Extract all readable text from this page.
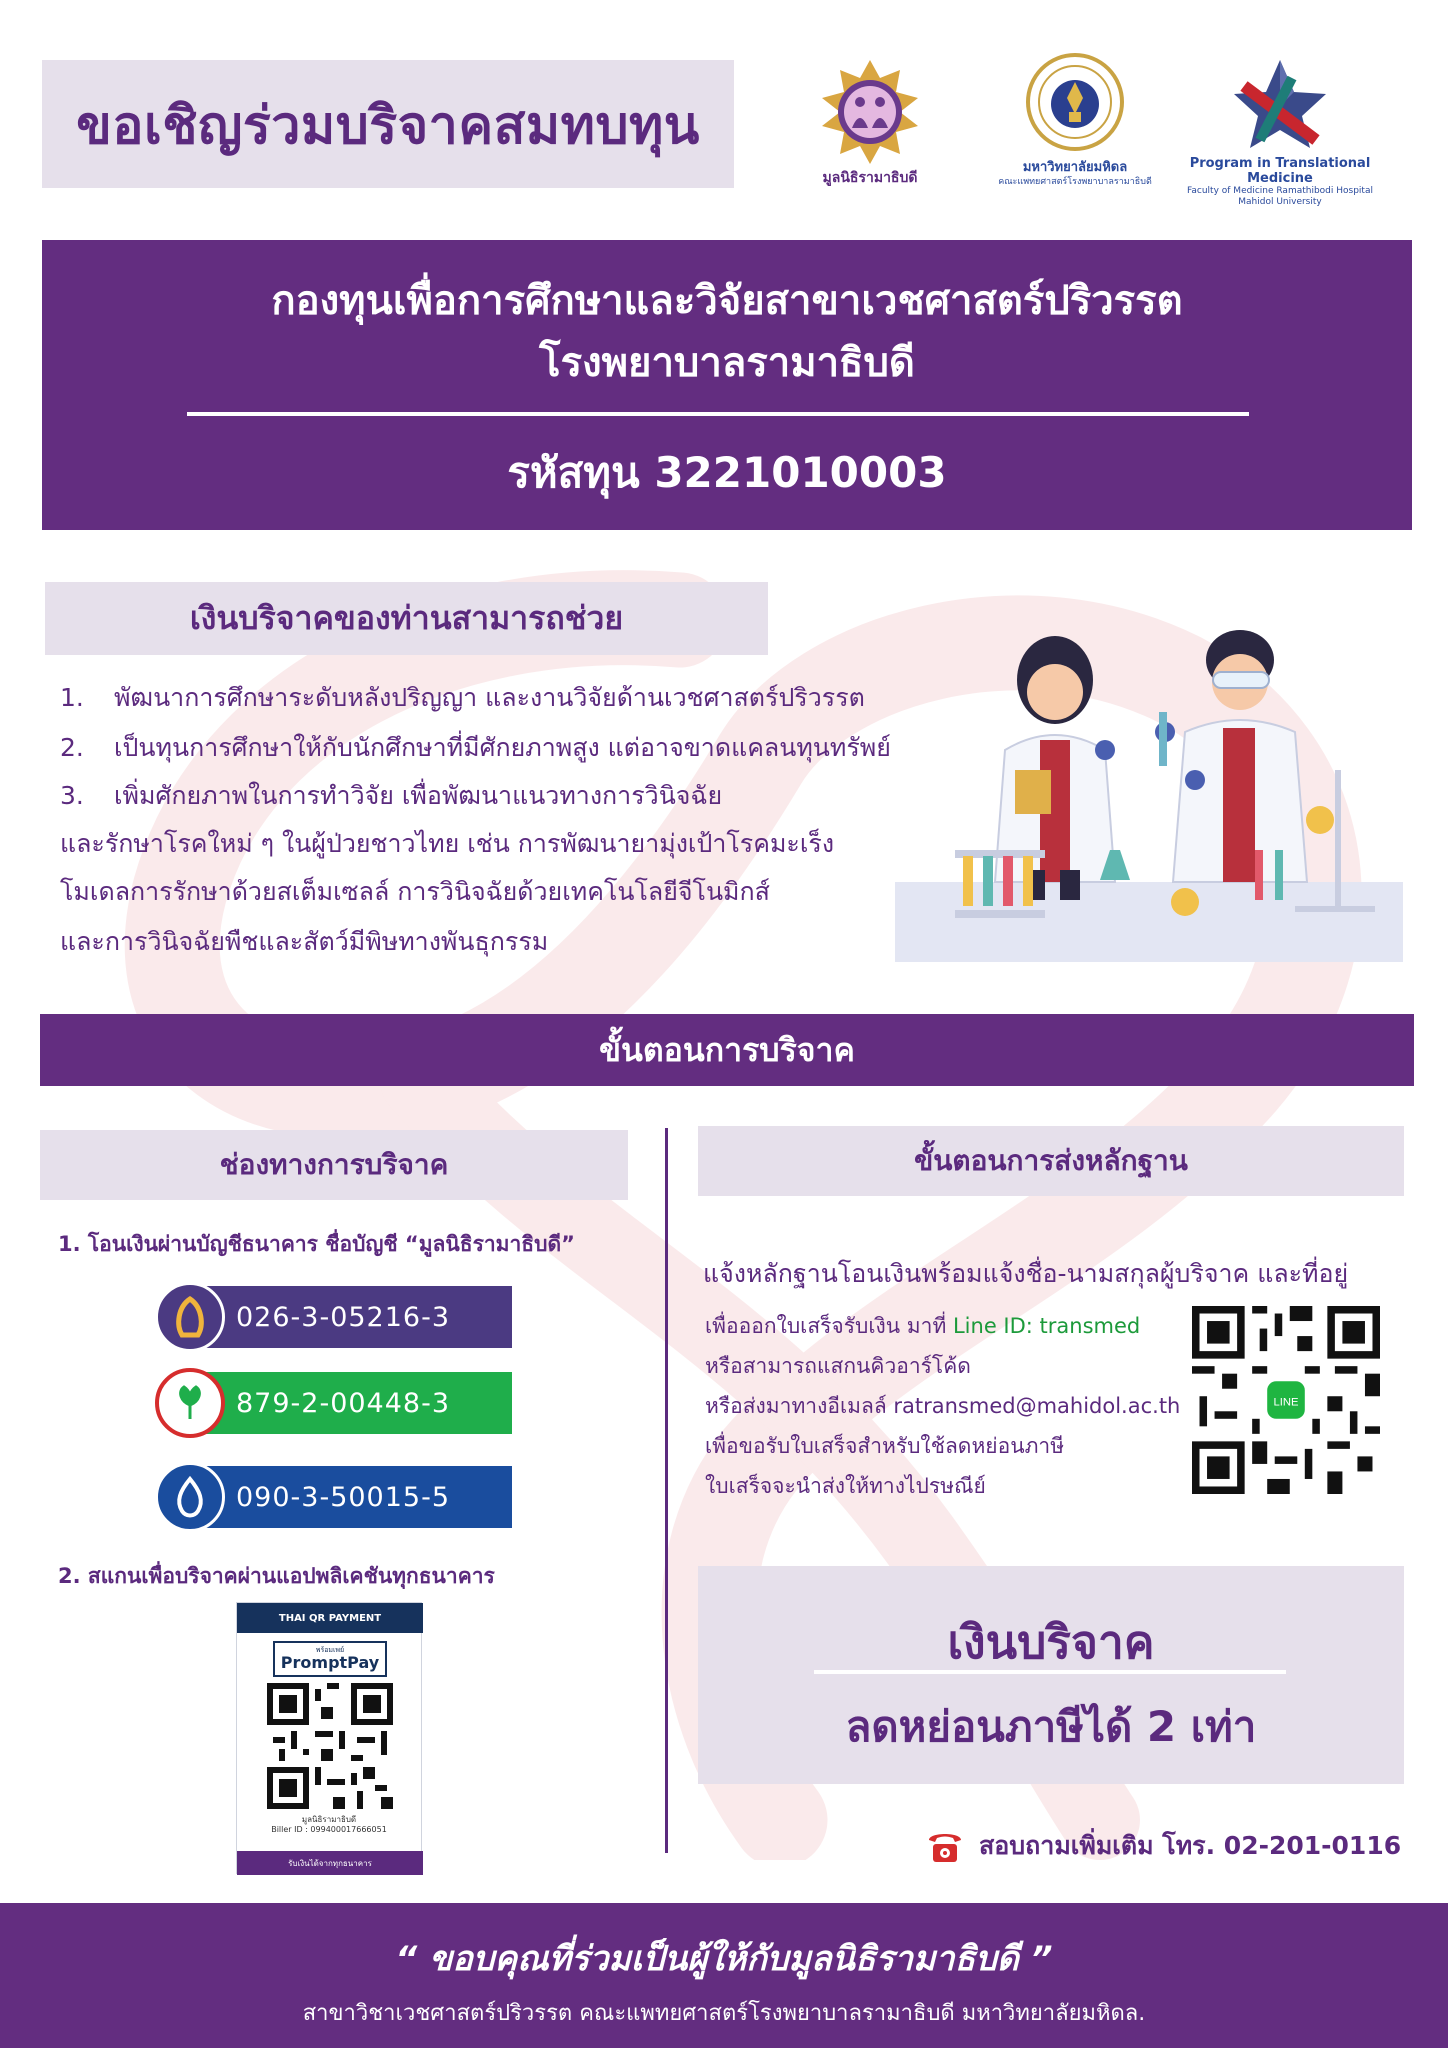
ขอเชิญร่วมบริจาคสมทบทุน
มูลนิธิรามาธิบดี
มหาวิทยาลัยมหิดล
คณะแพทยศาสตร์โรงพยาบาลรามาธิบดี
Program in Translational Medicine
Faculty of Medicine Ramathibodi Hospital
Mahidol University
กองทุนเพื่อการศึกษาและวิจัยสาขาเวชศาสตร์ปริวรรต
โรงพยาบาลรามาธิบดี
รหัสทุน 3221010003
เงินบริจาคของท่านสามารถช่วย
1. พัฒนาการศึกษาระดับหลังปริญญา และงานวิจัยด้านเวชศาสตร์ปริวรรต
2. เป็นทุนการศึกษาให้กับนักศึกษาที่มีศักยภาพสูง แต่อาจขาดแคลนทุนทรัพย์
3. เพิ่มศักยภาพในการทำวิจัย เพื่อพัฒนาแนวทางการวินิจฉัย
และรักษาโรคใหม่ ๆ ในผู้ป่วยชาวไทย เช่น การพัฒนายามุ่งเป้าโรคมะเร็ง
โมเดลการรักษาด้วยสเต็มเซลล์ การวินิจฉัยด้วยเทคโนโลยีจีโนมิกส์
และการวินิจฉัยพืชและสัตว์มีพิษทางพันธุกรรม
ขั้นตอนการบริจาค
ช่องทางการบริจาค
1. โอนเงินผ่านบัญชีธนาคาร ชื่อบัญชี “มูลนิธิรามาธิบดี”
026-3-05216-3
879-2-00448-3
090-3-50015-5
2. สแกนเพื่อบริจาคผ่านแอปพลิเคชันทุกธนาคาร
THAI QR PAYMENT
พร้อมเพย์
PromptPay
มูลนิธิรามาธิบดี
Biller ID : 099400017666051
รับเงินได้จากทุกธนาคาร
ขั้นตอนการส่งหลักฐาน
แจ้งหลักฐานโอนเงินพร้อมแจ้งชื่อ-นามสกุลผู้บริจาค และที่อยู่
เพื่อออกใบเสร็จรับเงิน มาที่ Line ID: transmed
หรือสามารถแสกนคิวอาร์โค้ด
หรือส่งมาทางอีเมลล์ ratransmed@mahidol.ac.th
เพื่อขอรับใบเสร็จสำหรับใช้ลดหย่อนภาษี
ใบเสร็จจะนำส่งให้ทางไปรษณีย์
LINE
เงินบริจาค
ลดหย่อนภาษีได้ 2 เท่า
สอบถามเพิ่มเติม โทร. 02-201-0116
“ ขอบคุณที่ร่วมเป็นผู้ให้กับมูลนิธิรามาธิบดี ”
สาขาวิชาเวชศาสตร์ปริวรรต คณะแพทยศาสตร์โรงพยาบาลรามาธิบดี มหาวิทยาลัยมหิดล.
